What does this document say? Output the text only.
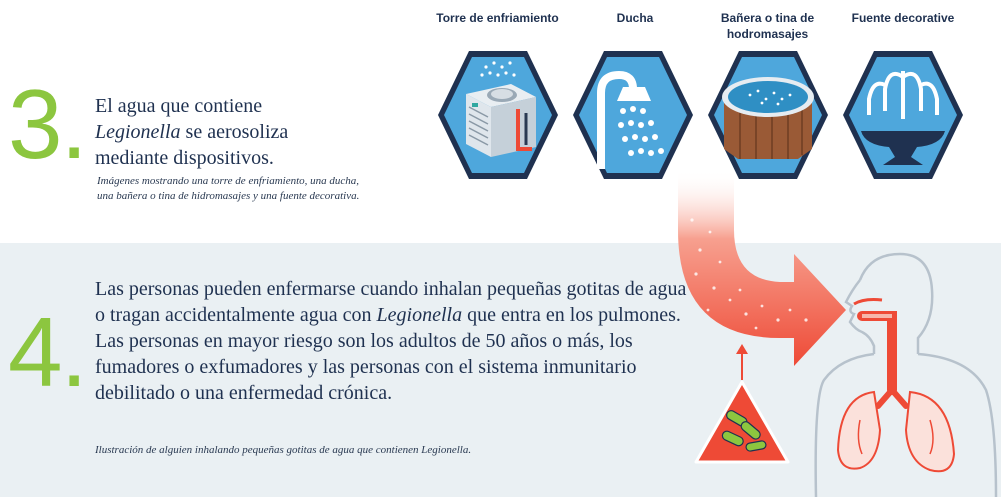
3. El agua que contiene
Legionella se aerosoliza
mediante dispositivos.
Imágenes mostrando una torre de enfriamiento, una ducha, una bañera o tina de hidromasajes y una fuente decorativa.
Torre de enfriamiento	Ducha	Bañera o tina de hodromasajes
Fuente decorative
4.
Las personas pueden enfermarse cuando inhalan pequeñas gotitas de agua o tragan accidentalmente agua con Legionella que entra en los pulmones. Las personas en mayor riesgo son los adultos de 50 años o más, los fumadores o exfumadores y las personas con el sistema inmunitario debilitado o una enfermedad crónica.
Ilustración de alguien inhalando pequeñas gotitas de agua que contienen Legionella.
